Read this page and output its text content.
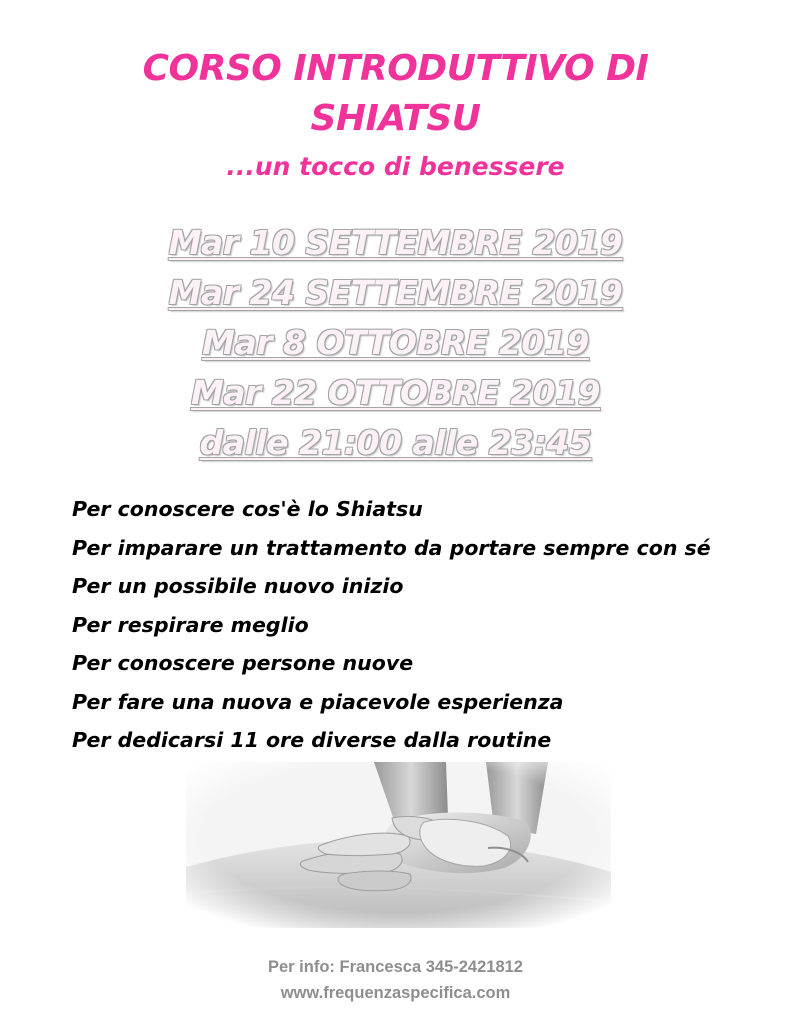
CORSO INTRODUTTIVO DI
SHIATSU
...un tocco di benessere
Mar 10 SETTEMBRE 2019
Mar 24 SETTEMBRE 2019
Mar 8 OTTOBRE 2019
Mar 22 OTTOBRE 2019
dalle 21:00 alle 23:45
Per conoscere cos'è lo Shiatsu
Per imparare un trattamento da portare sempre con sé
Per un possibile nuovo inizio
Per respirare meglio
Per conoscere persone nuove
Per fare una nuova e piacevole esperienza
Per dedicarsi 11 ore diverse dalla routine
Per info: Francesca 345-2421812
www.frequenzaspecifica.com
